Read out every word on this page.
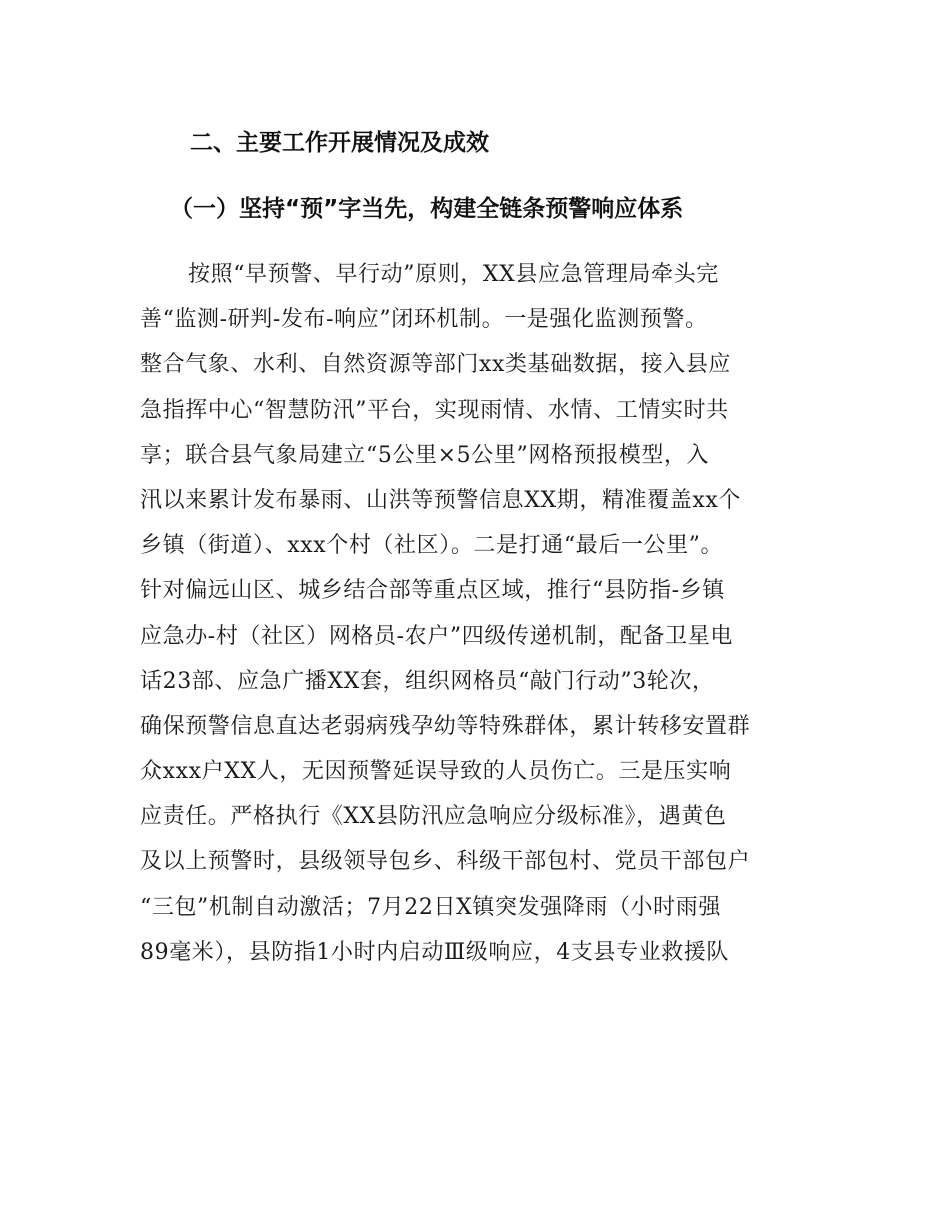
二、主要工作开展情况及成效
（一）坚持“预”字当先，构建全链条预警响应体系
按照“早预警、早行动”原则，XX县应急管理局牵头完
善“监测-研判-发布-响应”闭环机制。一是强化监测预警。
整合气象、水利、自然资源等部门xx类基础数据，接入县应
急指挥中心“智慧防汛”平台，实现雨情、水情、工情实时共
享；联合县气象局建立“5公里×5公里”网格预报模型，入
汛以来累计发布暴雨、山洪等预警信息XX期，精准覆盖xx个
乡镇（街道）、xxx个村（社区）。二是打通“最后一公里”。
针对偏远山区、城乡结合部等重点区域，推行“县防指-乡镇
应急办-村（社区）网格员-农户”四级传递机制，配备卫星电
话23部、应急广播XX套，组织网格员“敲门行动”3轮次，
确保预警信息直达老弱病残孕幼等特殊群体，累计转移安置群
众xxx户XX人，无因预警延误导致的人员伤亡。三是压实响
应责任。严格执行《XX县防汛应急响应分级标准》，遇黄色
及以上预警时，县级领导包乡、科级干部包村、党员干部包户
“三包”机制自动激活；7月22日X镇突发强降雨（小时雨强
89毫米），县防指1小时内启动Ⅲ级响应，4支县专业救援队
